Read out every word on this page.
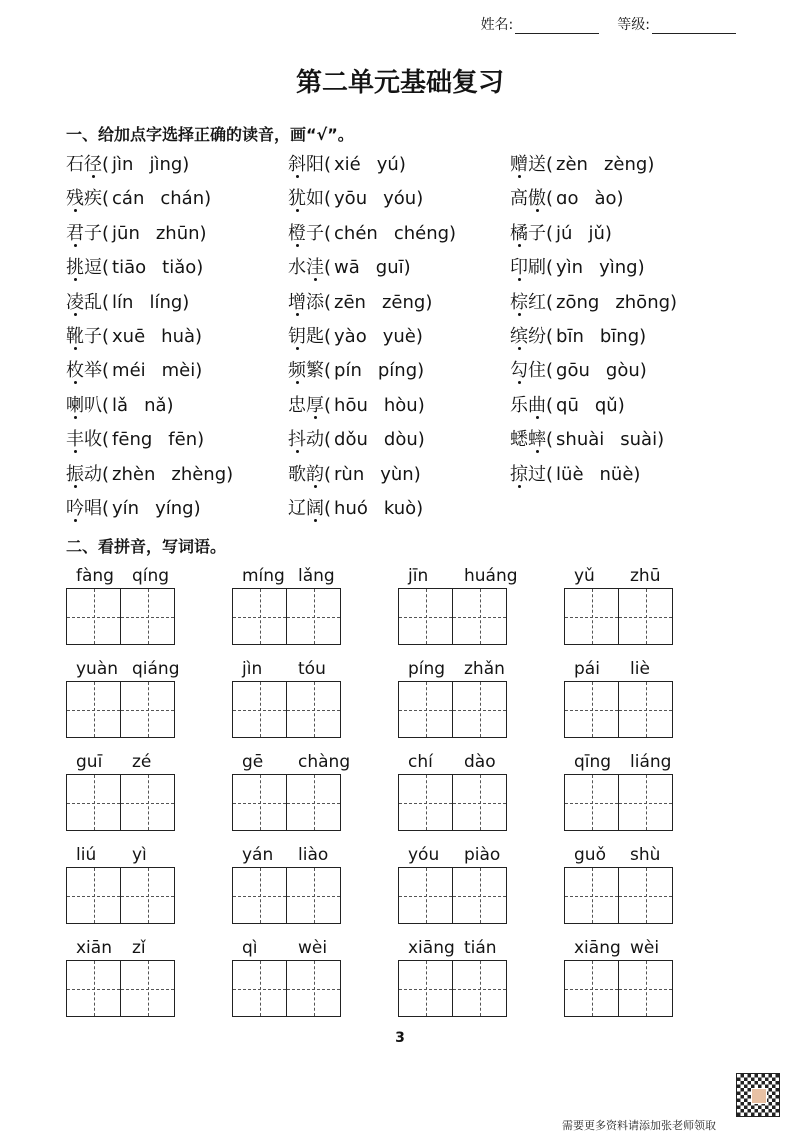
姓名:	等级:
第二单元基础复习
一、给加点字选择正确的读音，画“√”。
石径( jìn jìng)	斜阳( xié yú)	赠送( zèn zèng)
残疾( cán chán)	犹如( yōu yóu)	高傲( ɑo ào)
君子( jūn zhūn)	橙子( chén chéng)	橘子( jú jǔ)
挑逗( tiāo tiǎo)	水洼( wā guī)	印刷( yìn yìng)
凌乱( lín líng)	增添( zēn zēng)	棕红( zōng zhōng)
靴子( xuē huà)	钥匙( yào yuè)	缤纷( bīn bīng)
枚举( méi mèi)	频繁( pín píng)	勾住( gōu gòu)
喇叭( lǎ nǎ)	忠厚( hōu hòu)	乐曲( qū qǔ)
丰收( fēng fēn)	抖动( dǒu dòu)	蟋蟀( shuài suài)
振动( zhèn zhèng)	歌韵( rùn yùn)	掠过( lüè nüè)
吟唱( yín yíng)	辽阔( huó kuò)
二、看拼音，写词语。
fàng qíng	míng lǎng	jīn huáng	yǔ zhū
yuàn qiáng	jìn tóu	píng zhǎn	pái liè
guī zé	gē chàng	chí dào	qīng liáng
liú yì	yán liào	yóu piào	guǒ shù
xiān zǐ	qì wèi	xiāng tián	xiāng wèi
3
需要更多资料请添加张老师领取
